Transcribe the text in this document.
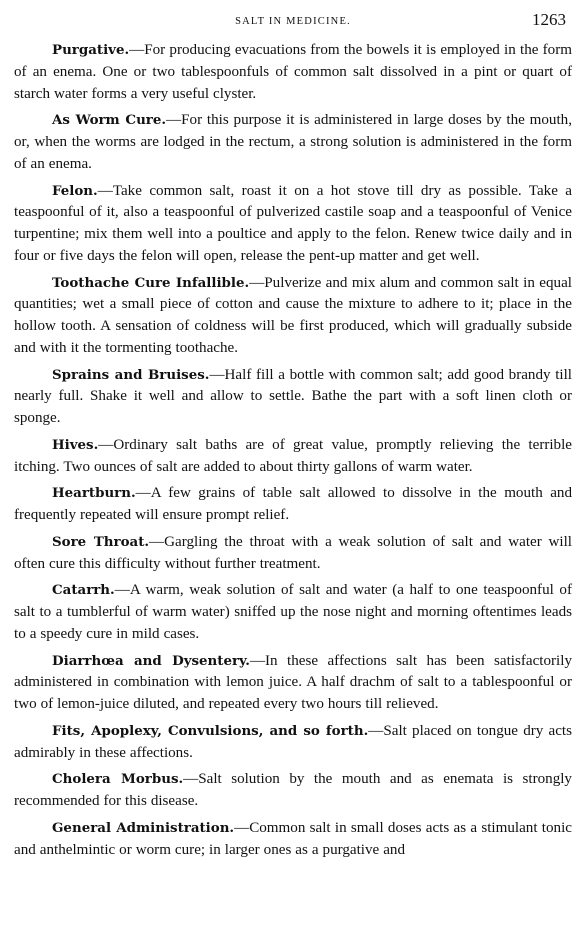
SALT IN MEDICINE.	1263

Purgative.—For producing evacuations from the bowels it is employed in the form of an enema. One or two tablespoonfuls of common salt dissolved in a pint or quart of starch water forms a very useful clyster.

As Worm Cure.—For this purpose it is administered in large doses by the mouth, or, when the worms are lodged in the rectum, a strong solution is administered in the form of an enema.

Felon.—Take common salt, roast it on a hot stove till dry as possible. Take a teaspoonful of it, also a teaspoonful of pulverized castile soap and a teaspoonful of Venice turpentine; mix them well into a poultice and apply to the felon. Renew twice daily and in four or five days the felon will open, release the pent-up matter and get well.

Toothache Cure Infallible.—Pulverize and mix alum and common salt in equal quantities; wet a small piece of cotton and cause the mixture to adhere to it; place in the hollow tooth. A sensation of coldness will be first produced, which will gradually subside and with it the tormenting toothache.

Sprains and Bruises.—Half fill a bottle with common salt; add good brandy till nearly full. Shake it well and allow to settle. Bathe the part with a soft linen cloth or sponge.

Hives.—Ordinary salt baths are of great value, promptly relieving the terrible itching. Two ounces of salt are added to about thirty gallons of warm water.

Heartburn.—A few grains of table salt allowed to dissolve in the mouth and frequently repeated will ensure prompt relief.

Sore Throat.—Gargling the throat with a weak solution of salt and water will often cure this difficulty without further treatment.

Catarrh.—A warm, weak solution of salt and water (a half to one teaspoonful of salt to a tumblerful of warm water) sniffed up the nose night and morning oftentimes leads to a speedy cure in mild cases.

Diarrhœa and Dysentery.—In these affections salt has been satisfactorily administered in combination with lemon juice. A half drachm of salt to a tablespoonful or two of lemon-juice diluted, and repeated every two hours till relieved.

Fits, Apoplexy, Convulsions, and so forth.—Salt placed on tongue dry acts admirably in these affections.

Cholera Morbus.—Salt solution by the mouth and as enemata is strongly recommended for this disease.

General Administration.—Common salt in small doses acts as a stimulant tonic and anthelmintic or worm cure; in larger ones as a purgative and
